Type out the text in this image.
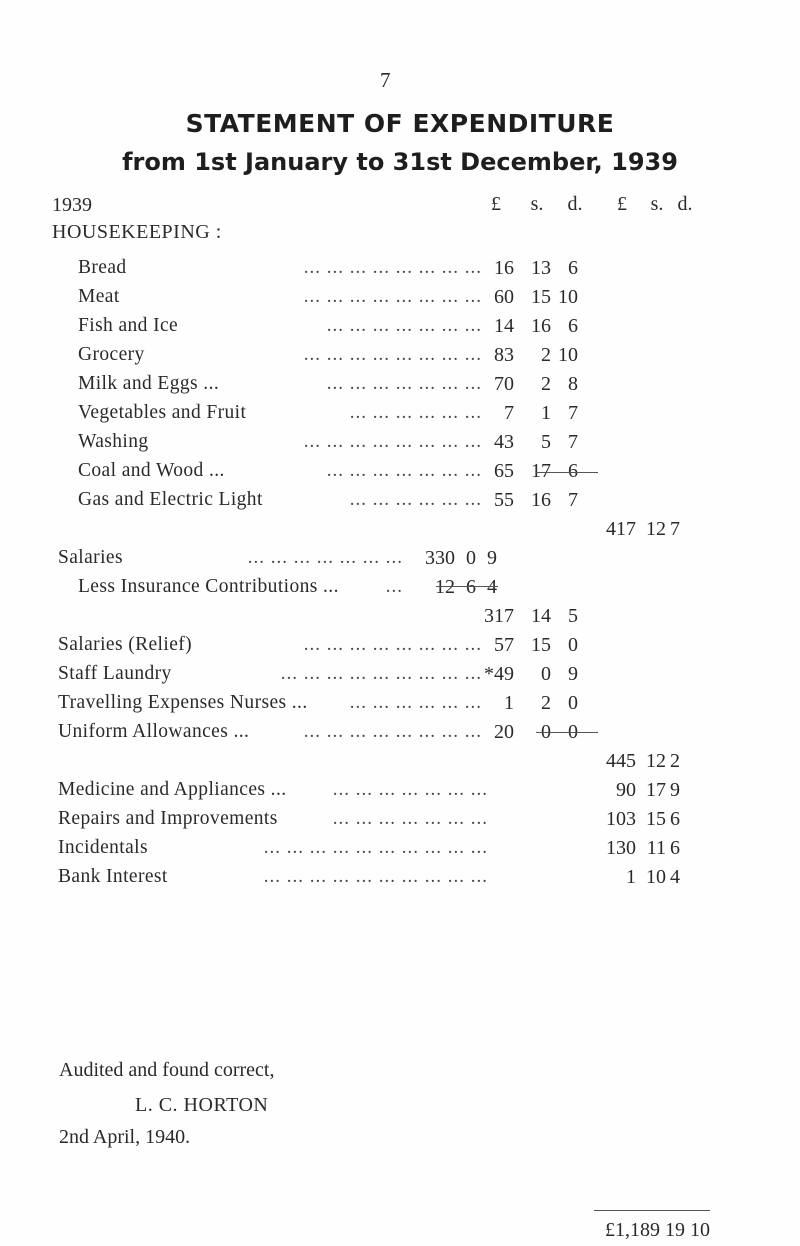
7
STATEMENT OF EXPENDITURE
from 1st January to 31st December, 1939
1939
HOUSEKEEPING :
£	s.	d.	£	s. d.
Bread	... ... ... ... ... ... ... ... 16 13 6
Meat	... ... ... ... ... ... ... ... 60 15 10
Fish and Ice	... ... ... ... ... ... ... 14 16 6
Grocery	... ... ... ... ... ... ... ... 83	2 10
Milk and Eggs ...	... ... ... ... ... ... ... 70	2 8
Vegetables and Fruit	... ... ... ... ... ...	7	1 7
Washing	... ... ... ... ... ... ... ... 43	5 7
Coal and Wood ...	... ... ... ... ... ... ... 65 17 6
Gas and Electric Light	... ... ... ... ... ... 55 16 7
417 12 7
Salaries	... ... ... ... ... ... ...	330 0 9
Less Insurance Contributions ... ...	12 6 4
317 14 5
Salaries (Relief)	... ... ... ... ... ... ... ... 57 15 0
Staff Laundry	... ... ... ... ... ... ... ... ... *49	0 9
Travelling Expenses Nurses ... ... ... ... ... ... ...	1	2 0
Uniform Allowances ...	... ... ... ... ... ... ... ... 20	0 0
445 12 2
Medicine and Appliances ... ... ... ... ... ... ... ...	90 17 9
Repairs and Improvements	... ... ... ... ... ... ...	103 15 6
Incidentals	... ... ... ... ... ... ... ... ... ...	130 11 6
Bank Interest	... ... ... ... ... ... ... ... ... ...	1 10 4
Audited and found correct,
L. C. HORTON
2nd April, 1940.
£1,189 19 10
